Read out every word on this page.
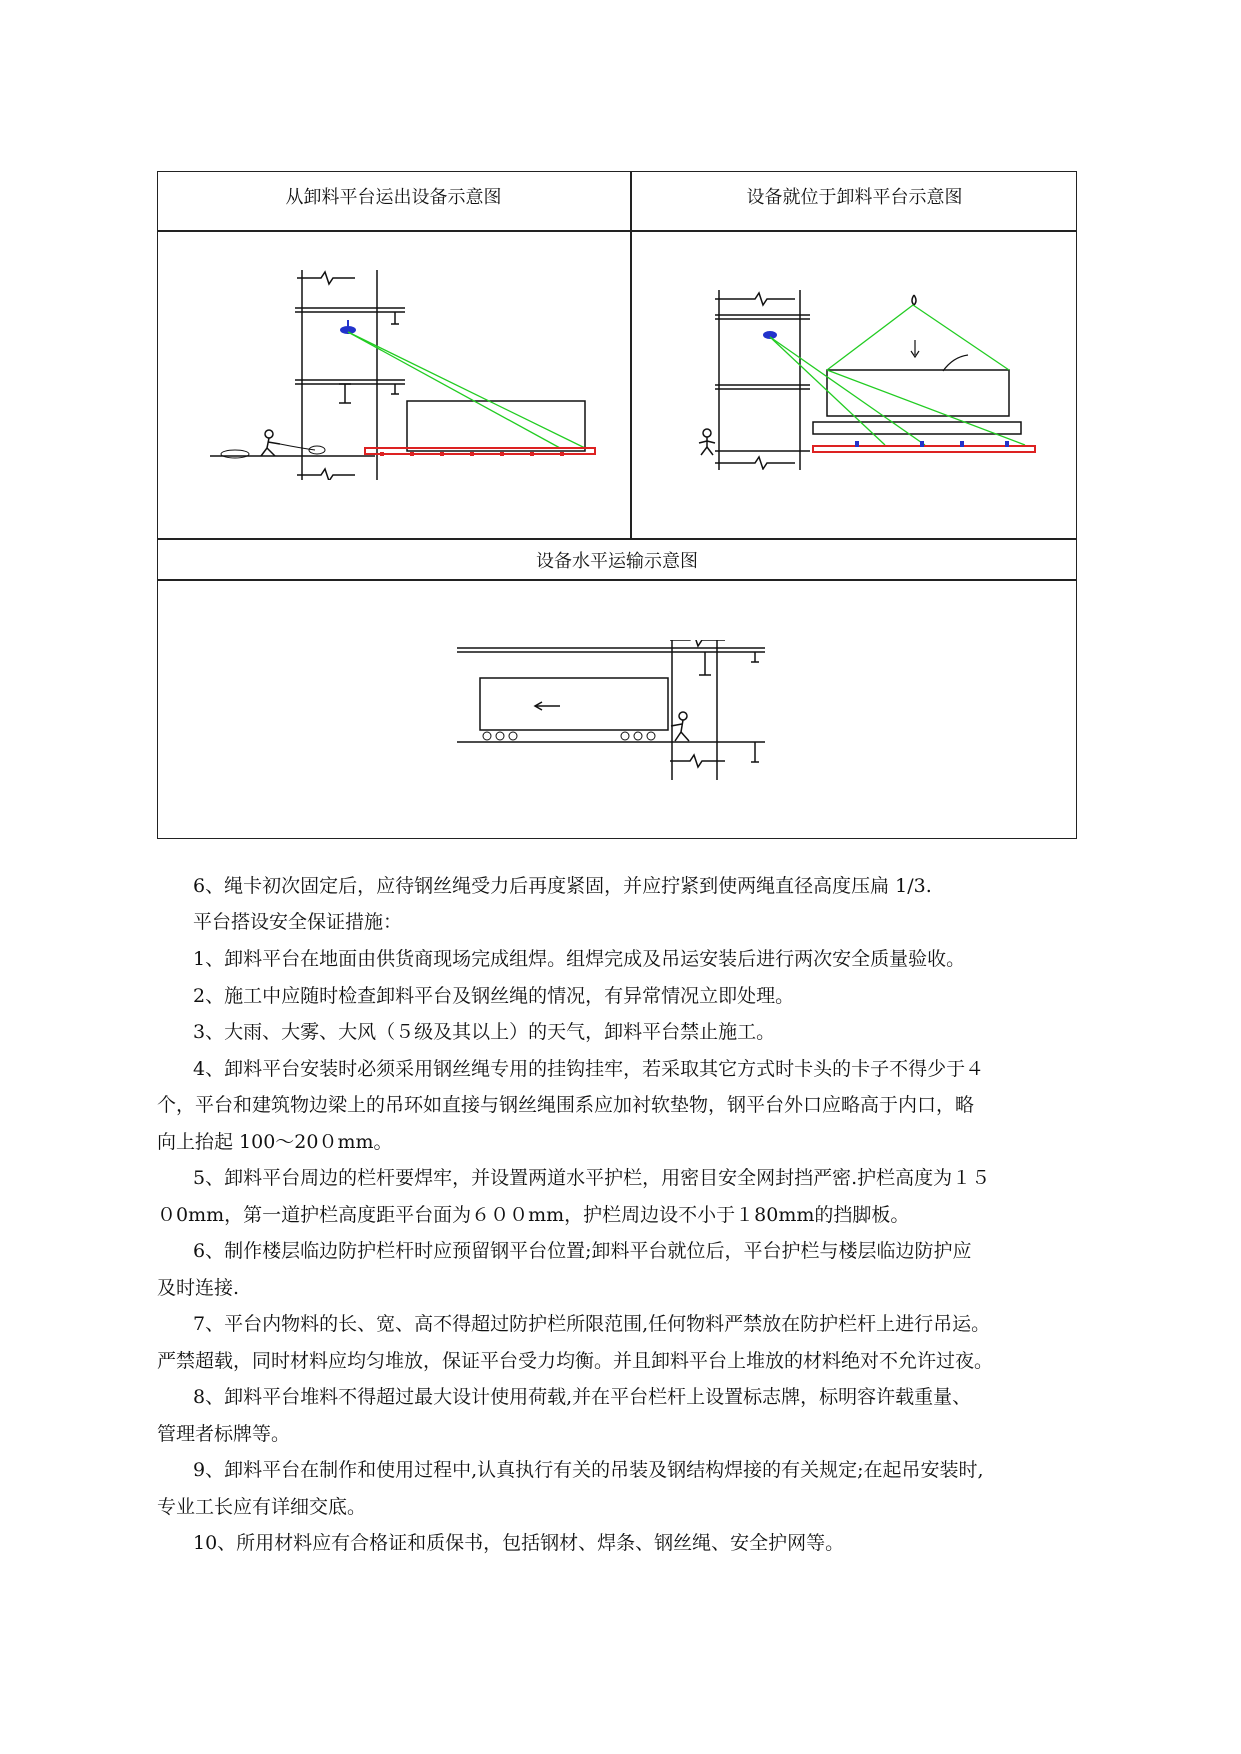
从卸料平台运出设备示意图	设备就位于卸料平台示意图
设备水平运输示意图
6、绳卡初次固定后，应待钢丝绳受力后再度紧固，并应拧紧到使两绳直径高度压扁 1/3.
平台搭设安全保证措施：
1、卸料平台在地面由供货商现场完成组焊。组焊完成及吊运安装后进行两次安全质量验收。
2、施工中应随时检查卸料平台及钢丝绳的情况，有异常情况立即处理。
3、大雨、大雾、大风（５级及其以上）的天气，卸料平台禁止施工。
4、卸料平台安装时必须采用钢丝绳专用的挂钩挂牢，若采取其它方式时卡头的卡子不得少于４
个，平台和建筑物边梁上的吊环如直接与钢丝绳围系应加衬软垫物，钢平台外口应略高于内口，略
向上抬起 100～20０mm。
5、卸料平台周边的栏杆要焊牢，并设置两道水平护栏，用密目安全网封挡严密.护栏高度为１５
０0mm，第一道护栏高度距平台面为６００mm，护栏周边设不小于１80mm的挡脚板。
6、制作楼层临边防护栏杆时应预留钢平台位置;卸料平台就位后，平台护栏与楼层临边防护应
及时连接.
7、平台内物料的长、宽、高不得超过防护栏所限范围,任何物料严禁放在防护栏杆上进行吊运。
严禁超载，同时材料应均匀堆放，保证平台受力均衡。并且卸料平台上堆放的材料绝对不允许过夜。
8、卸料平台堆料不得超过最大设计使用荷载,并在平台栏杆上设置标志牌，标明容许载重量、
管理者标牌等。
9、卸料平台在制作和使用过程中,认真执行有关的吊装及钢结构焊接的有关规定;在起吊安装时,
专业工长应有详细交底。
10、所用材料应有合格证和质保书，包括钢材、焊条、钢丝绳、安全护网等。
